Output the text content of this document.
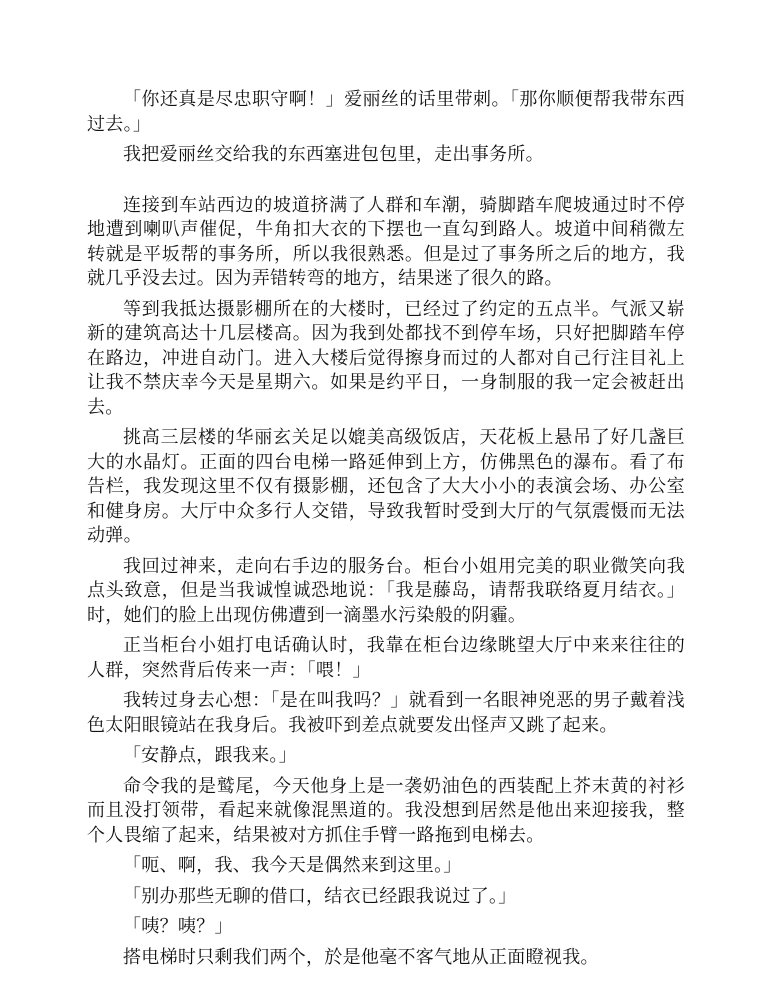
「你还真是尽忠职守啊！」爱丽丝的话里带刺。「那你顺便帮我带东西过去。」

我把爱丽丝交给我的东西塞进包包里，走出事务所。

连接到车站西边的坡道挤满了人群和车潮，骑脚踏车爬坡通过时不停地遭到喇叭声催促，牛角扣大衣的下摆也一直勾到路人。坡道中间稍微左转就是平坂帮的事务所，所以我很熟悉。但是过了事务所之后的地方，我就几乎没去过。因为弄错转弯的地方，结果迷了很久的路。

等到我抵达摄影棚所在的大楼时，已经过了约定的五点半。气派又崭新的建筑高达十几层楼高。因为我到处都找不到停车场，只好把脚踏车停在路边，冲进自动门。进入大楼后觉得擦身而过的人都对自己行注目礼上让我不禁庆幸今天是星期六。如果是约平日，一身制服的我一定会被赶出去。

挑高三层楼的华丽玄关足以媲美高级饭店，天花板上悬吊了好几盏巨大的水晶灯。正面的四台电梯一路延伸到上方，仿佛黑色的瀑布。看了布告栏，我发现这里不仅有摄影棚，还包含了大大小小的表演会场、办公室和健身房。大厅中众多行人交错，导致我暂时受到大厅的气氛震慑而无法动弹。

我回过神来，走向右手边的服务台。柜台小姐用完美的职业微笑向我点头致意，但是当我诚惶诚恐地说：「我是藤岛，请帮我联络夏月结衣。」时，她们的脸上出现仿佛遭到一滴墨水污染般的阴霾。

正当柜台小姐打电话确认时，我靠在柜台边缘眺望大厅中来来往往的人群，突然背后传来一声：「喂！」

我转过身去心想：「是在叫我吗？」就看到一名眼神兇恶的男子戴着浅色太阳眼镜站在我身后。我被吓到差点就要发出怪声又跳了起来。

「安静点，跟我来。」

命令我的是鹫尾，今天他身上是一袭奶油色的西装配上芥末黄的衬衫而且没打领带，看起来就像混黑道的。我没想到居然是他出来迎接我，整个人畏缩了起来，结果被对方抓住手臂一路拖到电梯去。

「呃、啊，我、我今天是偶然来到这里。」

「别办那些无聊的借口，结衣已经跟我说过了。」

「咦？咦？」

搭电梯时只剩我们两个，於是他毫不客气地从正面瞪视我。
